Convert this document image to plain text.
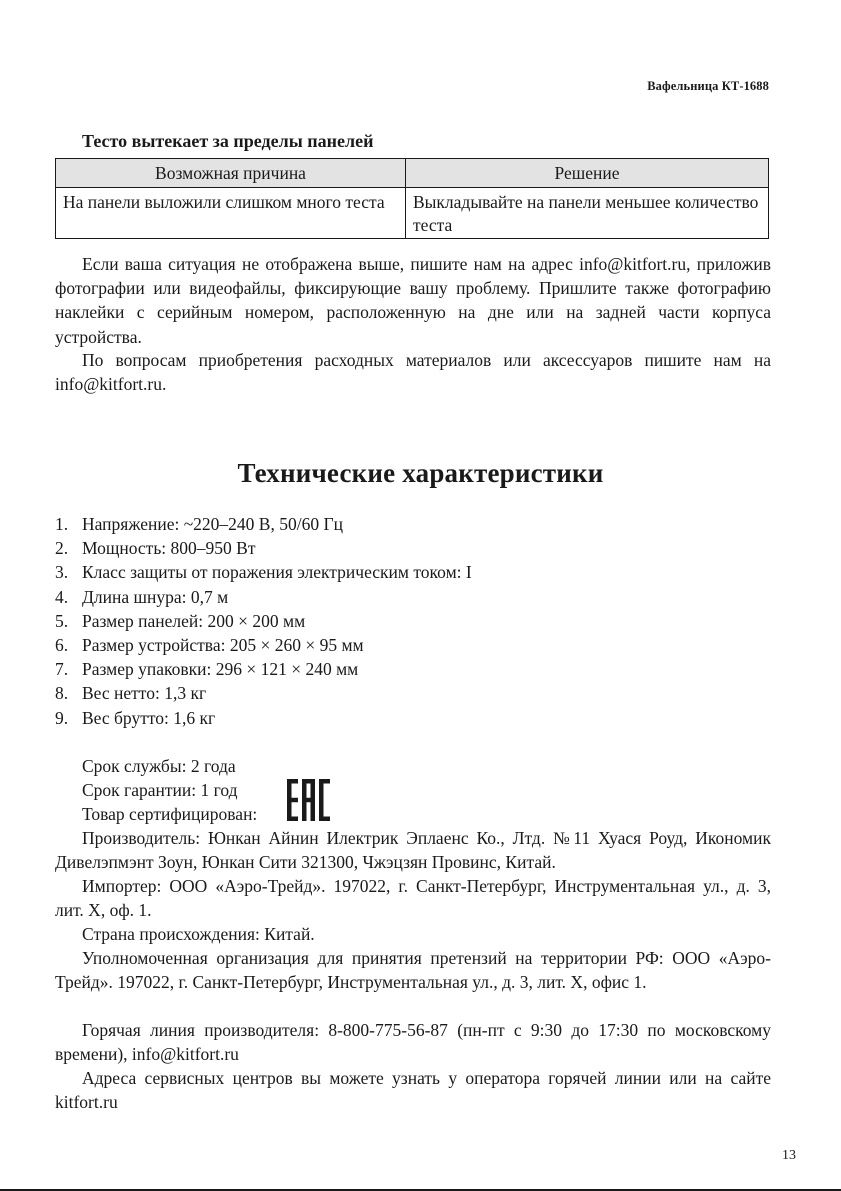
Вафельница КТ-1688
Тесто вытекает за пределы панелей
Возможная причина	Решение
На панели выложили слишком много теста	Выкладывайте на панели меньшее количество теста

Если ваша ситуация не отображена выше, пишите нам на адрес info@kitfort.ru, приложив фотографии или видеофайлы, фиксирующие вашу проблему. Пришлите также фотографию наклейки с серийным номером, расположенную на дне или на задней части корпуса устройства.

По вопросам приобретения расходных материалов или аксессуаров пишите нам на info@kitfort.ru.

Технические характеристики
1. Напряжение: ~220–240 В, 50/60 Гц
2. Мощность: 800–950 Вт
3. Класс защиты от поражения электрическим током: I
4. Длина шнура: 0,7 м
5. Размер панелей: 200 × 200 мм
6. Размер устройства: 205 × 260 × 95 мм
7. Размер упаковки: 296 × 121 × 240 мм
8. Вес нетто: 1,3 кг
9. Вес брутто: 1,6 кг
Срок службы: 2 года
Срок гарантии: 1 год
Товар сертифицирован:

Производитель: Юнкан Айнин Илектрик Эплаенс Ко., Лтд. №11 Хуася Роуд, Икономик Дивелэпмэнт Зоун, Юнкан Сити 321300, Чжэцзян Провинс, Китай.

Импортер: ООО «Аэро-Трейд». 197022, г. Санкт-Петербург, Инструментальная ул., д. 3, лит. Х, оф. 1.

Страна происхождения: Китай.

Уполномоченная организация для принятия претензий на территории РФ: ООО «Аэро-Трейд». 197022, г. Санкт-Петербург, Инструментальная ул., д. 3, лит. Х, офис 1.

Горячая линия производителя: 8-800-775-56-87 (пн-пт с 9:30 до 17:30 по московскому времени), info@kitfort.ru

Адреса сервисных центров вы можете узнать у оператора горячей линии или на сайте kitfort.ru

13
